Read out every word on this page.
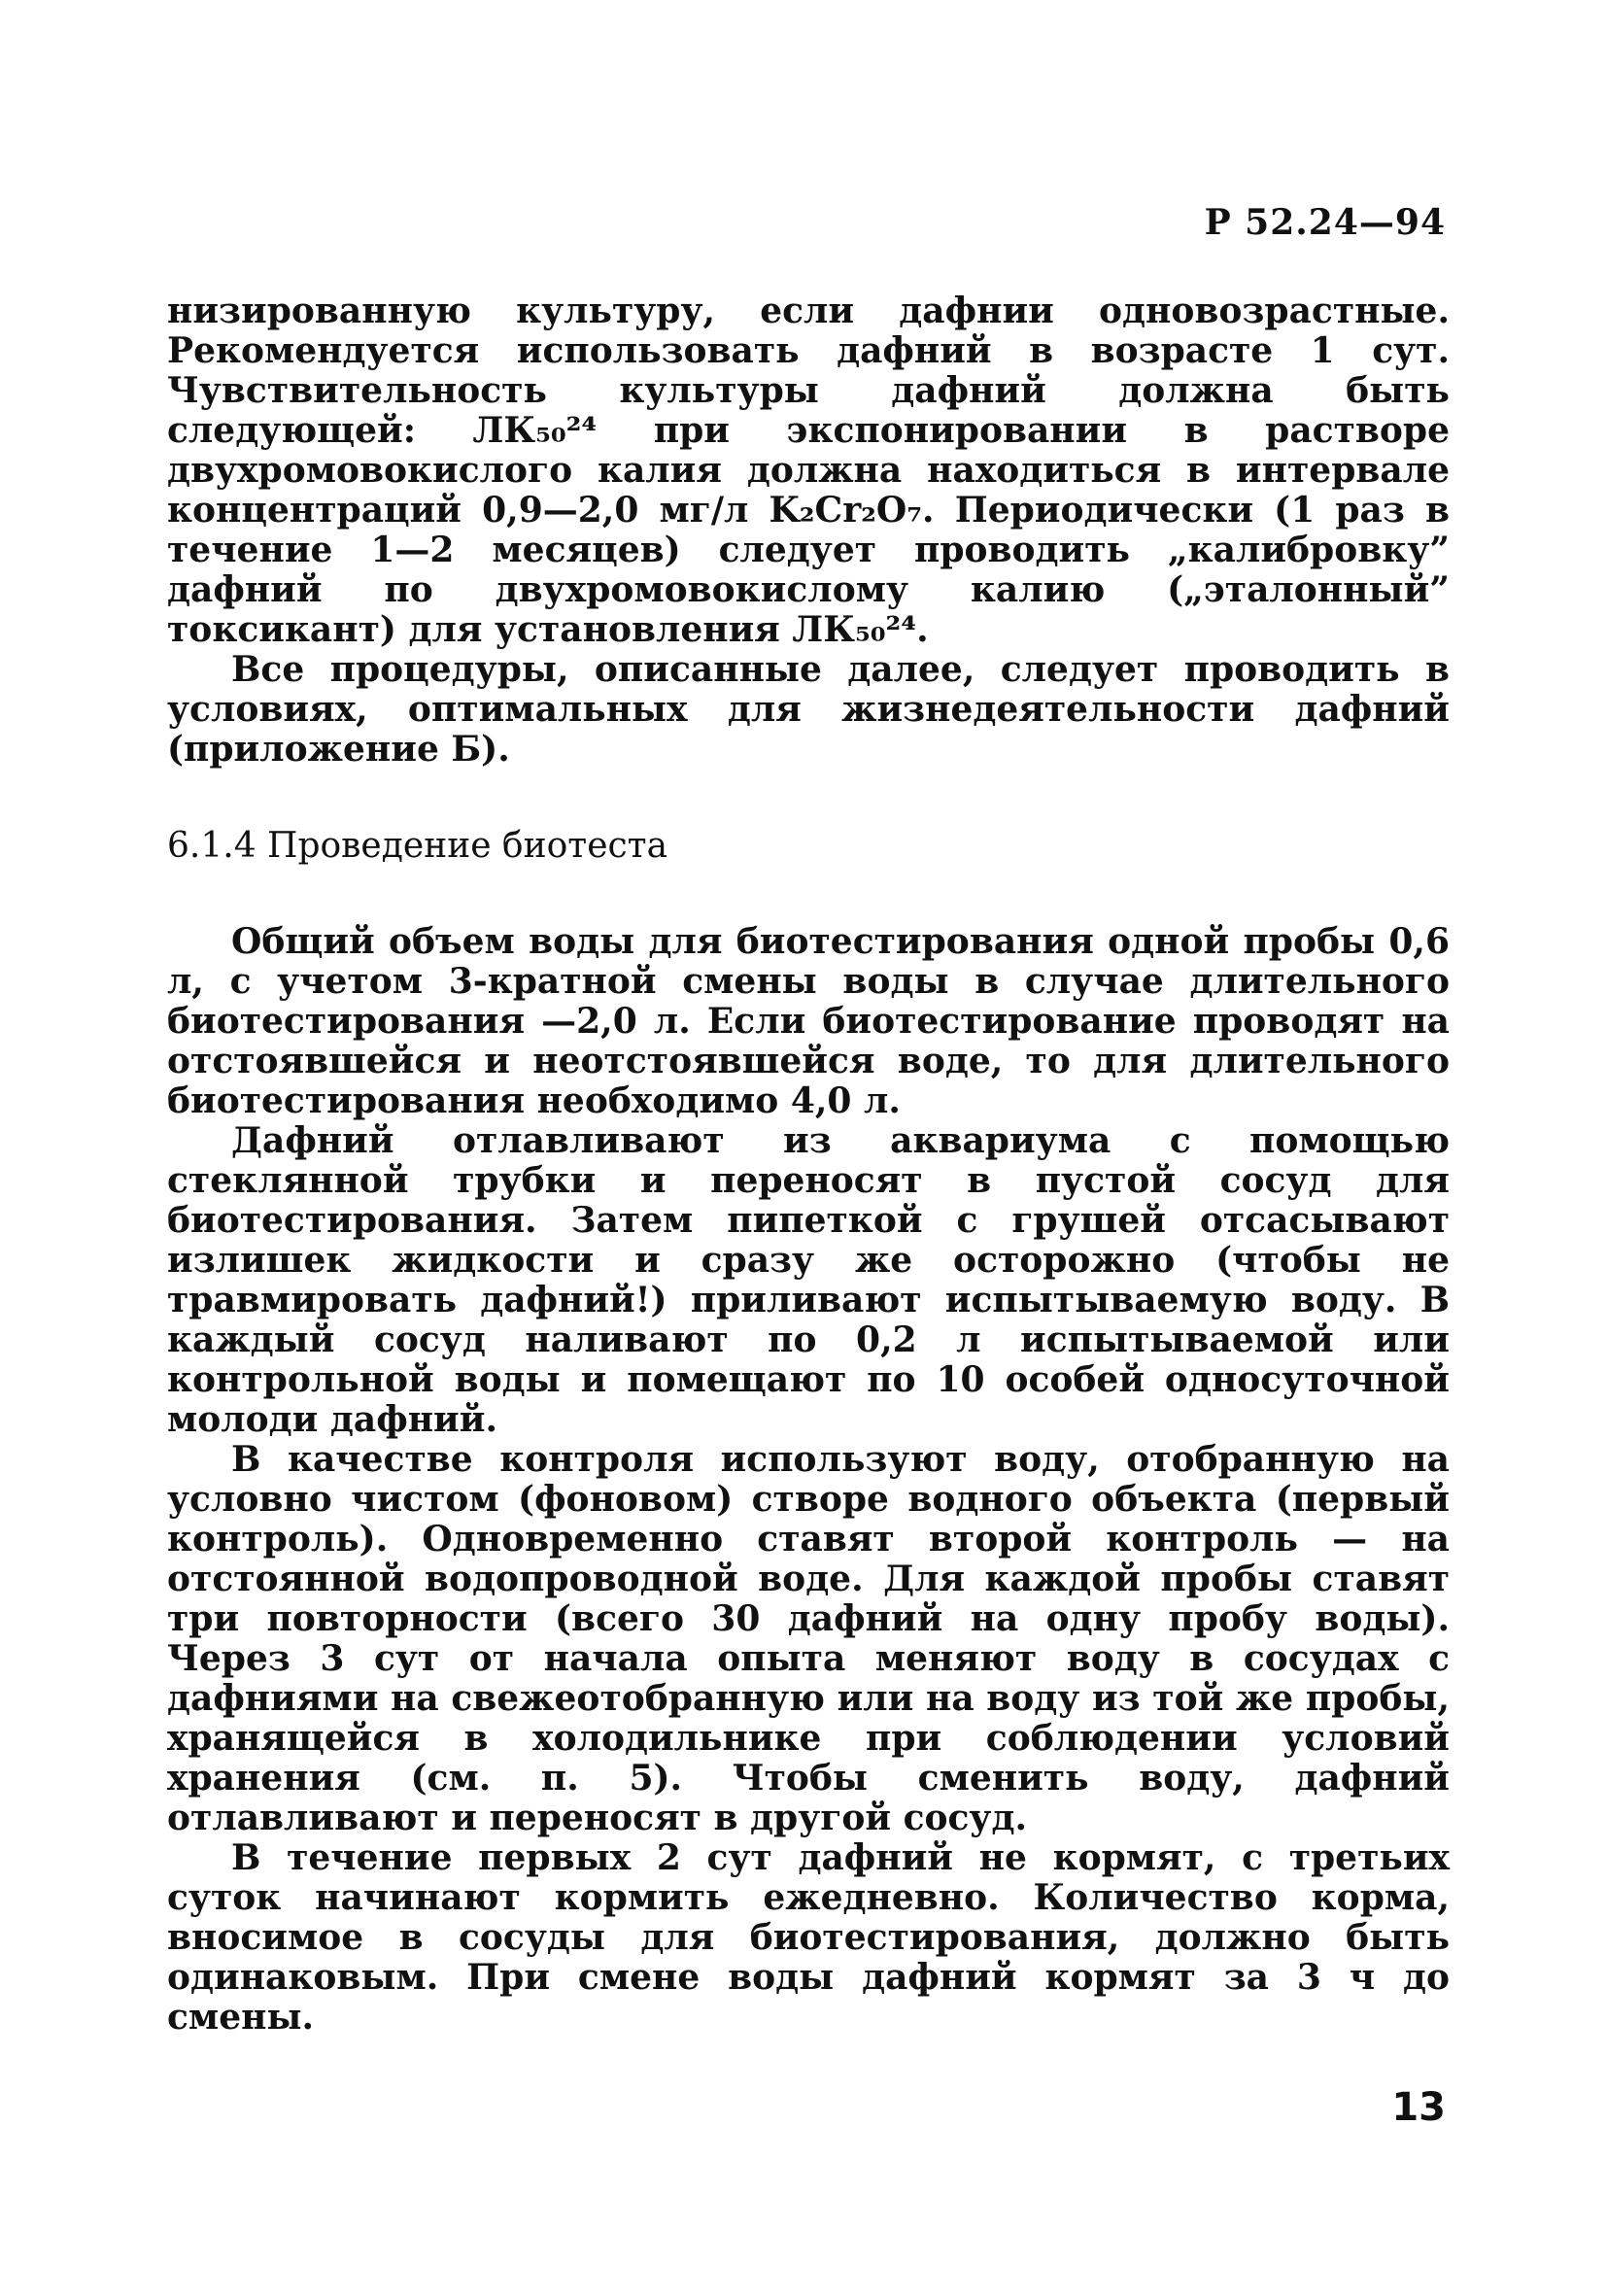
Р 52.24—94

низированную культуру, если дафнии одновозрастные. Рекомендуется использовать дафний в возрасте 1 сут. Чувствительность культуры дафний должна быть следующей: ЛК₅₀²⁴ при экспонировании в растворе двухромовокислого калия должна находиться в интервале концентраций 0,9—2,0 мг/л K₂Cr₂O₇. Периодически (1 раз в течение 1—2 месяцев) следует проводить „калибровку” дафний по двухромовокислому калию („эталонный” токсикант) для установления ЛК₅₀²⁴.

Все процедуры, описанные далее, следует проводить в условиях, оптимальных для жизнедеятельности дафний (приложение Б).

6.1.4 Проведение биотеста

Общий объем воды для биотестирования одной пробы 0,6 л, с учетом 3-кратной смены воды в случае длительного биотестирования —2,0 л. Если биотестирование проводят на отстоявшейся и неотстоявшейся воде, то для длительного биотестирования необходимо 4,0 л.

Дафний отлавливают из аквариума с помощью стеклянной трубки и переносят в пустой сосуд для биотестирования. Затем пипеткой с грушей отсасывают излишек жидкости и сразу же осторожно (чтобы не травмировать дафний!) приливают испытываемую воду. В каждый сосуд наливают по 0,2 л испытываемой или контрольной воды и помещают по 10 особей односуточной молоди дафний.

В качестве контроля используют воду, отобранную на условно чистом (фоновом) створе водного объекта (первый контроль). Одновременно ставят второй контроль — на отстоянной водопроводной воде. Для каждой пробы ставят три повторности (всего 30 дафний на одну пробу воды). Через 3 сут от начала опыта меняют воду в сосудах с дафниями на свежеотобранную или на воду из той же пробы, хранящейся в холодильнике при соблюдении условий хранения (см. п. 5). Чтобы сменить воду, дафний отлавливают и переносят в другой сосуд.

В течение первых 2 сут дафний не кормят, с третьих суток начинают кормить ежедневно. Количество корма, вносимое в сосуды для биотестирования, должно быть одинаковым. При смене воды дафний кормят за 3 ч до смены.

13
